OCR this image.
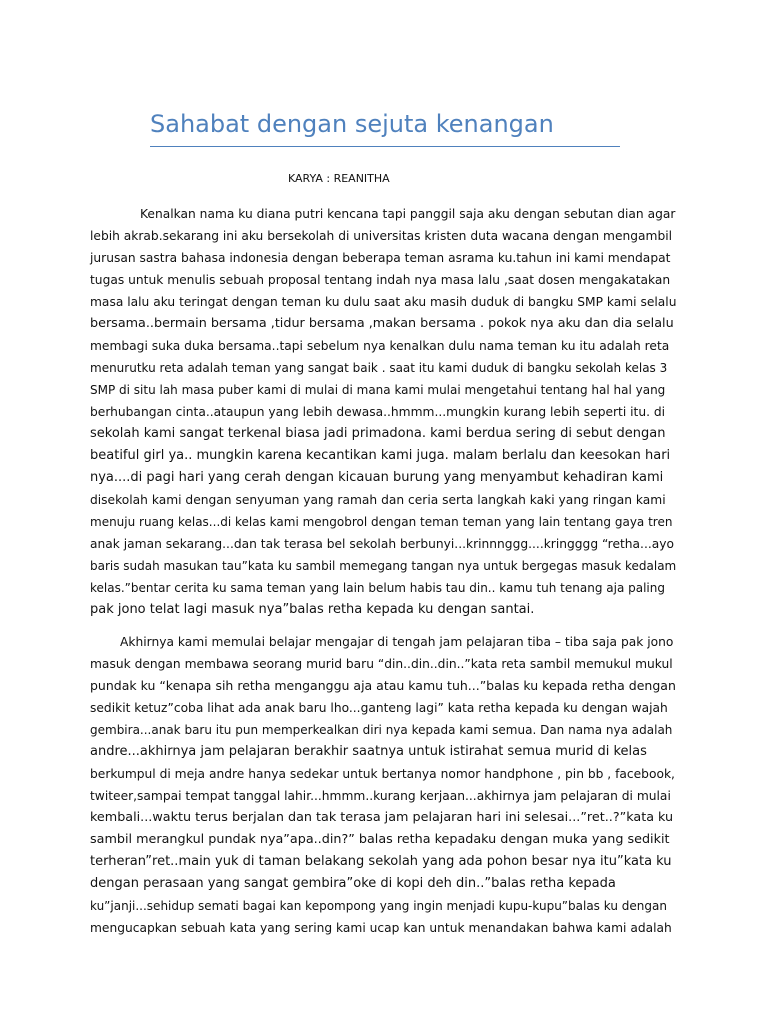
Sahabat dengan sejuta kenangan

KARYA : REANITHA

Kenalkan nama ku diana putri kencana tapi panggil saja aku dengan sebutan dian agar

lebih akrab.sekarang ini aku bersekolah di universitas kristen duta wacana dengan mengambil

jurusan sastra bahasa indonesia dengan beberapa teman asrama ku.tahun ini kami mendapat

tugas untuk menulis sebuah proposal tentang indah nya masa lalu ,saat dosen mengakatakan

masa lalu aku teringat dengan teman ku dulu saat aku masih duduk di bangku SMP kami selalu

bersama..bermain bersama ,tidur bersama ,makan bersama . pokok nya aku dan dia selalu

membagi suka duka bersama..tapi sebelum nya kenalkan dulu nama teman ku itu adalah reta

menurutku reta adalah teman yang sangat baik . saat itu kami duduk di bangku sekolah kelas 3

SMP di situ lah masa puber kami di mulai di mana kami mulai mengetahui tentang hal hal yang

berhubangan cinta..ataupun yang lebih dewasa..hmmm...mungkin kurang lebih seperti itu. di

sekolah kami sangat terkenal biasa jadi primadona. kami berdua sering di sebut dengan

beatiful girl ya.. mungkin karena kecantikan kami juga. malam berlalu dan keesokan hari

nya....di pagi hari yang cerah dengan kicauan burung yang menyambut kehadiran kami

disekolah kami dengan senyuman yang ramah dan ceria serta langkah kaki yang ringan kami

menuju ruang kelas...di kelas kami mengobrol dengan teman teman yang lain tentang gaya tren

anak jaman sekarang...dan tak terasa bel sekolah berbunyi...krinnnggg....kringggg “retha...ayo

baris sudah masukan tau”kata ku sambil memegang tangan nya untuk bergegas masuk kedalam

kelas.”bentar cerita ku sama teman yang lain belum habis tau din.. kamu tuh tenang aja paling

pak jono telat lagi masuk nya”balas retha kepada ku dengan santai.

Akhirnya kami memulai belajar mengajar di tengah jam pelajaran tiba – tiba saja pak jono

masuk dengan membawa seorang murid baru “din..din..din..”kata reta sambil memukul mukul

pundak ku “kenapa sih retha menganggu aja atau kamu tuh...”balas ku kepada retha dengan

sedikit ketuz”coba lihat ada anak baru lho...ganteng lagi” kata retha kepada ku dengan wajah

gembira...anak baru itu pun memperkealkan diri nya kepada kami semua. Dan nama nya adalah

andre...akhirnya jam pelajaran berakhir saatnya untuk istirahat semua murid di kelas

berkumpul di meja andre hanya sedekar untuk bertanya nomor handphone , pin bb , facebook,

twiteer,sampai tempat tanggal lahir...hmmm..kurang kerjaan...akhirnya jam pelajaran di mulai

kembali...waktu terus berjalan dan tak terasa jam pelajaran hari ini selesai...”ret..?”kata ku

sambil merangkul pundak nya”apa..din?” balas retha kepadaku dengan muka yang sedikit

terheran”ret..main yuk di taman belakang sekolah yang ada pohon besar nya itu”kata ku

dengan perasaan yang sangat gembira”oke di kopi deh din..”balas retha kepada

ku”janji...sehidup semati bagai kan kepompong yang ingin menjadi kupu-kupu”balas ku dengan

mengucapkan sebuah kata yang sering kami ucap kan untuk menandakan bahwa kami adalah
